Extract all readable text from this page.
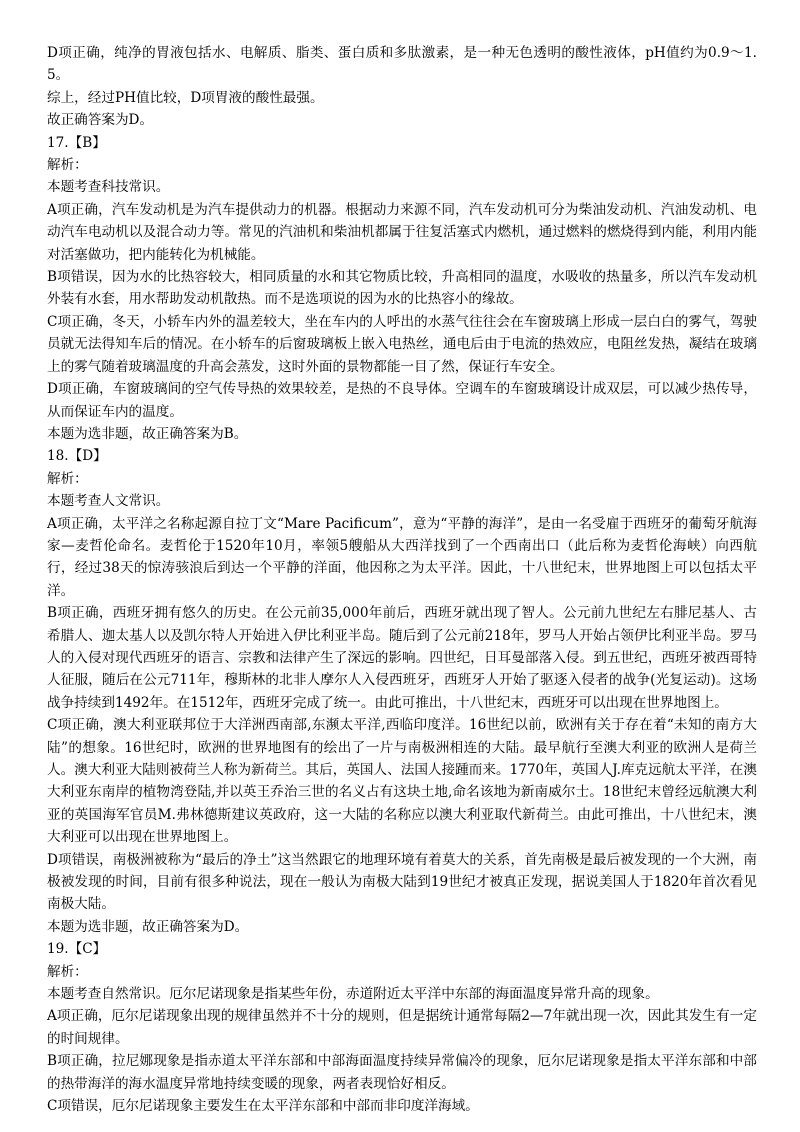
D项正确，纯净的胃液包括水、电解质、脂类、蛋白质和多肽激素，是一种无色透明的酸性液体，pH值约为0.9～1.5。

综上，经过PH值比较，D项胃液的酸性最强。

故正确答案为D。

17.【B】

解析：

本题考查科技常识。

A项正确，汽车发动机是为汽车提供动力的机器。根据动力来源不同，汽车发动机可分为柴油发动机、汽油发动机、电动汽车电动机以及混合动力等。常见的汽油机和柴油机都属于往复活塞式内燃机，通过燃料的燃烧得到内能，利用内能对活塞做功，把内能转化为机械能。

B项错误，因为水的比热容较大，相同质量的水和其它物质比较，升高相同的温度，水吸收的热量多，所以汽车发动机外装有水套，用水帮助发动机散热。而不是选项说的因为水的比热容小的缘故。

C项正确，冬天，小轿车内外的温差较大，坐在车内的人呼出的水蒸气往往会在车窗玻璃上形成一层白白的雾气，驾驶员就无法得知车后的情况。在小轿车的后窗玻璃板上嵌入电热丝，通电后由于电流的热效应，电阻丝发热，凝结在玻璃上的雾气随着玻璃温度的升高会蒸发，这时外面的景物都能一目了然，保证行车安全。

D项正确，车窗玻璃间的空气传导热的效果较差，是热的不良导体。空调车的车窗玻璃设计成双层，可以减少热传导，从而保证车内的温度。

本题为选非题，故正确答案为B。

18.【D】

解析：

本题考查人文常识。

A项正确，太平洋之名称起源自拉丁文“Mare Pacificum”，意为“平静的海洋”，是由一名受雇于西班牙的葡萄牙航海家—麦哲伦命名。麦哲伦于1520年10月，率领5艘船从大西洋找到了一个西南出口（此后称为麦哲伦海峡）向西航行，经过38天的惊涛骇浪后到达一个平静的洋面，他因称之为太平洋。因此，十八世纪末，世界地图上可以包括太平洋。

B项正确，西班牙拥有悠久的历史。在公元前35,000年前后，西班牙就出现了智人。公元前九世纪左右腓尼基人、古希腊人、迦太基人以及凯尔特人开始进入伊比利亚半岛。随后到了公元前218年，罗马人开始占领伊比利亚半岛。罗马人的入侵对现代西班牙的语言、宗教和法律产生了深远的影响。四世纪，日耳曼部落入侵。到五世纪，西班牙被西哥特人征服，随后在公元711年，穆斯林的北非人摩尔人入侵西班牙，西班牙人开始了驱逐入侵者的战争(光复运动)。这场战争持续到1492年。在1512年，西班牙完成了统一。由此可推出，十八世纪末，西班牙可以出现在世界地图上。

C项正确，澳大利亚联邦位于大洋洲西南部,东濒太平洋,西临印度洋。16世纪以前，欧洲有关于存在着“未知的南方大陆”的想象。16世纪时，欧洲的世界地图有的绘出了一片与南极洲相连的大陆。最早航行至澳大利亚的欧洲人是荷兰人。澳大利亚大陆则被荷兰人称为新荷兰。其后，英国人、法国人接踵而来。1770年，英国人J.库克远航太平洋，在澳大利亚东南岸的植物湾登陆,并以英王乔治三世的名义占有这块土地,命名该地为新南威尔士。18世纪末曾经远航澳大利亚的英国海军官员M.弗林德斯建议英政府，这一大陆的名称应以澳大利亚取代新荷兰。由此可推出，十八世纪末，澳大利亚可以出现在世界地图上。

D项错误，南极洲被称为“最后的净土”这当然跟它的地理环境有着莫大的关系，首先南极是最后被发现的一个大洲，南极被发现的时间，目前有很多种说法，现在一般认为南极大陆到19世纪才被真正发现，据说美国人于1820年首次看见南极大陆。

本题为选非题，故正确答案为D。

19.【C】

解析：

本题考查自然常识。厄尔尼诺现象是指某些年份，赤道附近太平洋中东部的海面温度异常升高的现象。

A项正确，厄尔尼诺现象出现的规律虽然并不十分的规则，但是据统计通常每隔2—7年就出现一次，因此其发生有一定的时间规律。

B项正确，拉尼娜现象是指赤道太平洋东部和中部海面温度持续异常偏冷的现象，厄尔尼诺现象是指太平洋东部和中部的热带海洋的海水温度异常地持续变暖的现象，两者表现恰好相反。

C项错误，厄尔尼诺现象主要发生在太平洋东部和中部而非印度洋海域。
